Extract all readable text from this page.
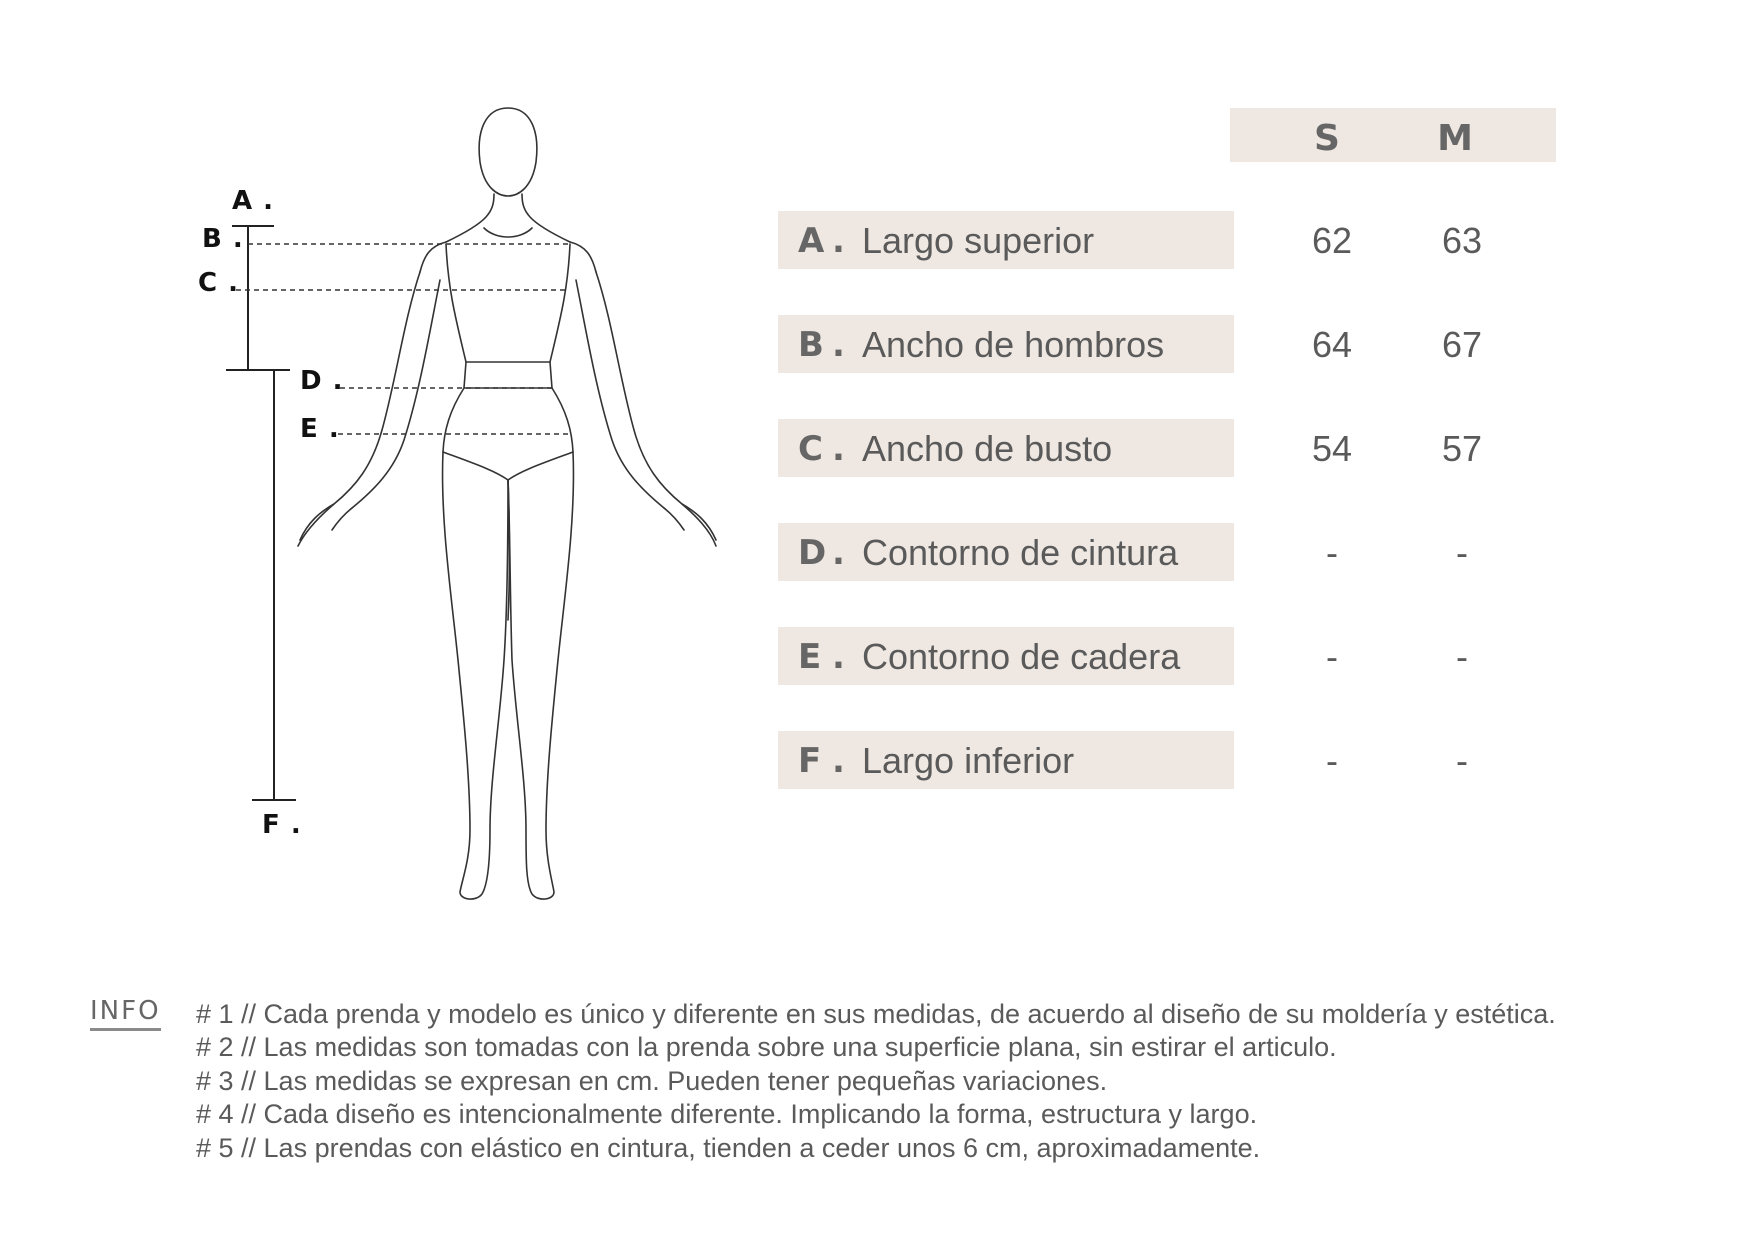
A .
B .
C .
D .
E .
F .
S	M
A . Largo superior	62	63
B . Ancho de hombros	64	67
C . Ancho de busto	54	57
D . Contorno de cintura	-	-
E . Contorno de cadera	-	-
F . Largo inferior	-	-
INFO # 1 // Cada prenda y modelo es único y diferente en sus medidas, de acuerdo al diseño de su moldería y estética.
# 2 // Las medidas son tomadas con la prenda sobre una superficie plana, sin estirar el articulo.
# 3 // Las medidas se expresan en cm. Pueden tener pequeñas variaciones.
# 4 // Cada diseño es intencionalmente diferente. Implicando la forma, estructura y largo.
# 5 // Las prendas con elástico en cintura, tienden a ceder unos 6 cm, aproximadamente.
